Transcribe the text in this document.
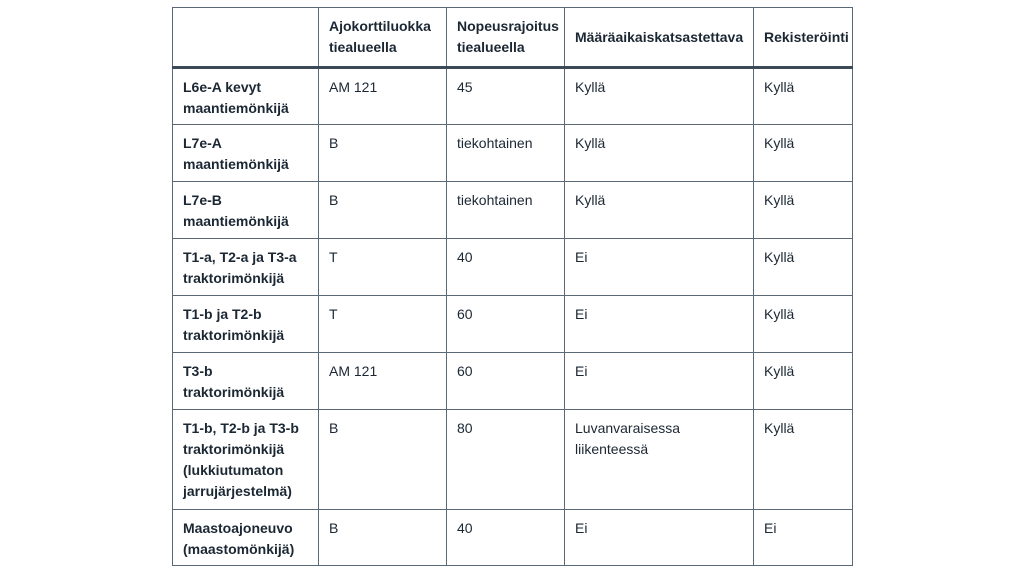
	Ajokorttiluokka tiealueella	Nopeusrajoitus tiealueella	Määräaikaiskatsastettava	Rekisteröinti
L6e-A kevyt maantiemönkijä	AM 121	45	Kyllä	Kyllä
L7e-A maantiemönkijä	B	tiekohtainen	Kyllä	Kyllä
L7e-B maantiemönkijä	B	tiekohtainen	Kyllä	Kyllä
T1-a, T2-a ja T3-a traktorimönkijä	T	40	Ei	Kyllä
T1-b ja T2-b traktorimönkijä	T	60	Ei	Kyllä
T3-b traktorimönkijä	AM 121	60	Ei	Kyllä
T1-b, T2-b ja T3-b traktorimönkijä (lukkiutumaton jarrujärjestelmä)	B	80	Luvanvaraisessa liikenteessä	Kyllä
Maastoajoneuvo (maastomönkijä)	B	40	Ei	Ei
